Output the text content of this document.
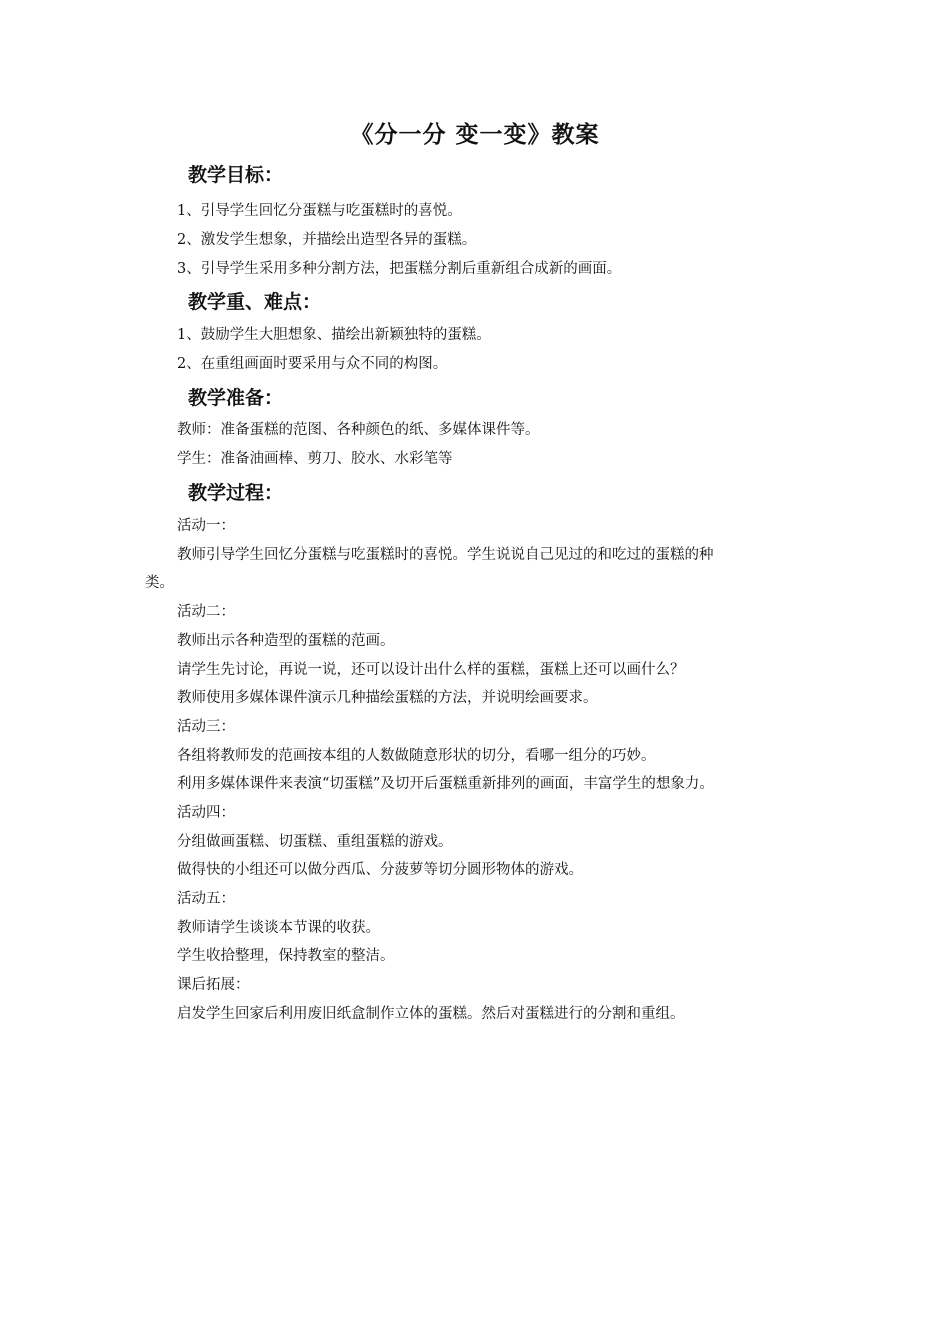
《分一分 变一变》教案
教学目标：

1、引导学生回忆分蛋糕与吃蛋糕时的喜悦。

2、激发学生想象，并描绘出造型各异的蛋糕。

3、引导学生采用多种分割方法，把蛋糕分割后重新组合成新的画面。

教学重、难点：

1、鼓励学生大胆想象、描绘出新颖独特的蛋糕。

2、在重组画面时要采用与众不同的构图。

教学准备：

教师：准备蛋糕的范图、各种颜色的纸、多媒体课件等。

学生：准备油画棒、剪刀、胶水、水彩笔等

教学过程：

活动一：

教师引导学生回忆分蛋糕与吃蛋糕时的喜悦。学生说说自己见过的和吃过的蛋糕的种

类。

活动二：

教师出示各种造型的蛋糕的范画。

请学生先讨论，再说一说，还可以设计出什么样的蛋糕，蛋糕上还可以画什么？

教师使用多媒体课件演示几种描绘蛋糕的方法，并说明绘画要求。

活动三：

各组将教师发的范画按本组的人数做随意形状的切分，看哪一组分的巧妙。

利用多媒体课件来表演“切蛋糕”及切开后蛋糕重新排列的画面，丰富学生的想象力。

活动四：

分组做画蛋糕、切蛋糕、重组蛋糕的游戏。

做得快的小组还可以做分西瓜、分菠萝等切分圆形物体的游戏。

活动五：

教师请学生谈谈本节课的收获。

学生收拾整理，保持教室的整洁。

课后拓展：

启发学生回家后利用废旧纸盒制作立体的蛋糕。然后对蛋糕进行的分割和重组。
